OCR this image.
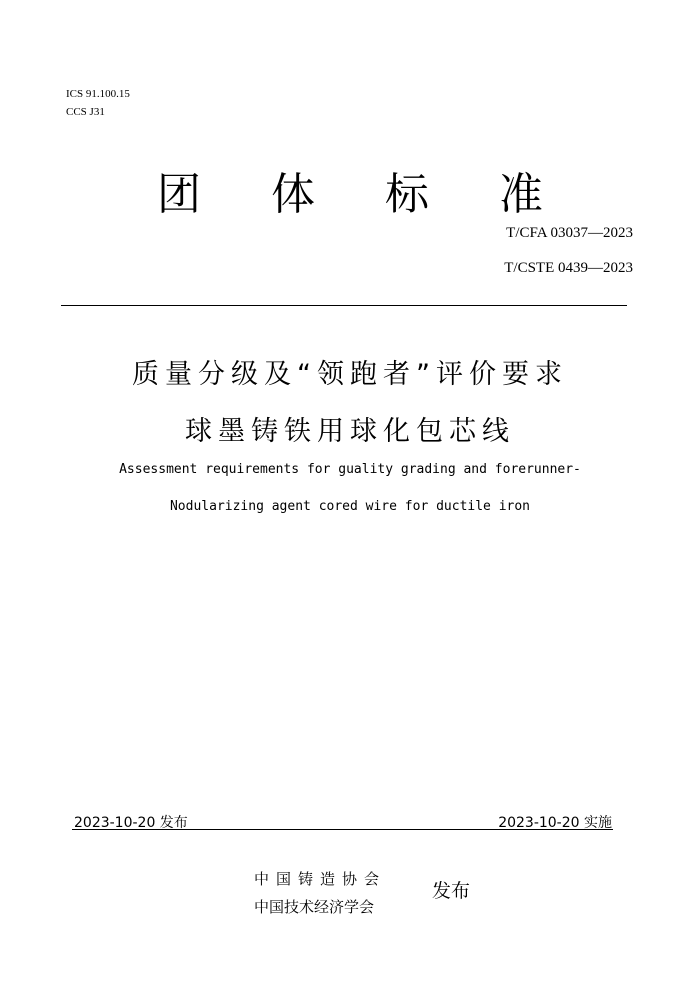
ICS 91.100.15
CCS J31
团 体 标 准
T/CFA 03037—2023
T/CSTE 0439—2023
质量分级及“领跑者”评价要求
球墨铸铁用球化包芯线
Assessment requirements for guality grading and forerunner-
Nodularizing agent cored wire for ductile iron
2023-10-20 发布	2023-10-20 实施
中国铸造协会
中国技术经济学会
发布
